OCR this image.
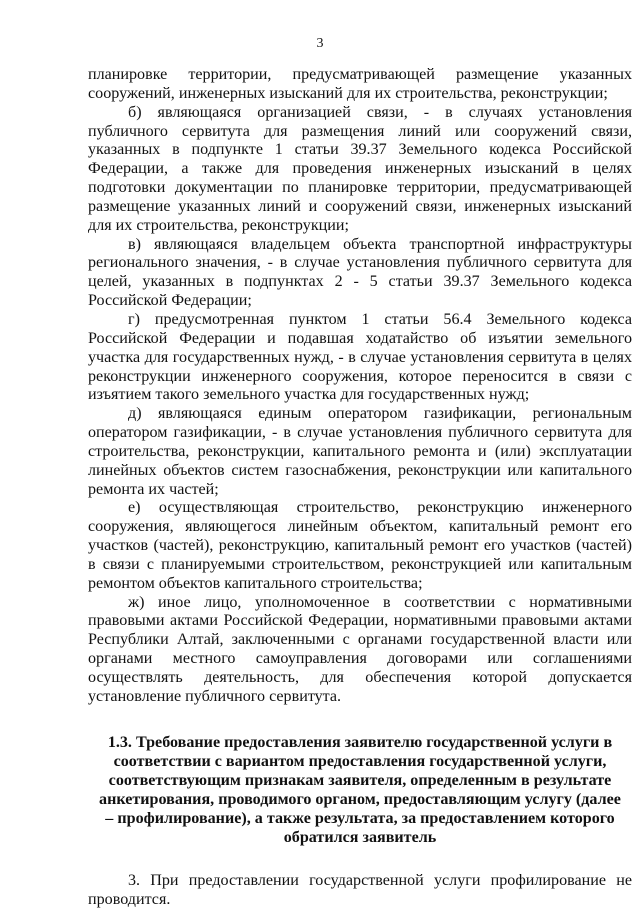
3

планировке территории, предусматривающей размещение указанных сооружений, инженерных изысканий для их строительства, реконструкции;

б) являющаяся организацией связи, - в случаях установления публичного сервитута для размещения линий или сооружений связи, указанных в подпункте 1 статьи 39.37 Земельного кодекса Российской Федерации, а также для проведения инженерных изысканий в целях подготовки документации по планировке территории, предусматривающей размещение указанных линий и сооружений связи, инженерных изысканий для их строительства, реконструкции;

в) являющаяся владельцем объекта транспортной инфраструктуры регионального значения, - в случае установления публичного сервитута для целей, указанных в подпунктах 2 - 5 статьи 39.37 Земельного кодекса Российской Федерации;

г) предусмотренная пунктом 1 статьи 56.4 Земельного кодекса Российской Федерации и подавшая ходатайство об изъятии земельного участка для государственных нужд, - в случае установления сервитута в целях реконструкции инженерного сооружения, которое переносится в связи с изъятием такого земельного участка для государственных нужд;

д) являющаяся единым оператором газификации, региональным оператором газификации, - в случае установления публичного сервитута для строительства, реконструкции, капитального ремонта и (или) эксплуатации линейных объектов систем газоснабжения, реконструкции или капитального ремонта их частей;

е) осуществляющая строительство, реконструкцию инженерного сооружения, являющегося линейным объектом, капитальный ремонт его участков (частей), реконструкцию, капитальный ремонт его участков (частей) в связи с планируемыми строительством, реконструкцией или капитальным ремонтом объектов капитального строительства;

ж) иное лицо, уполномоченное в соответствии с нормативными правовыми актами Российской Федерации, нормативными правовыми актами Республики Алтай, заключенными с органами государственной власти или органами местного самоуправления договорами или соглашениями осуществлять деятельность, для обеспечения которой допускается установление публичного сервитута.

1.3. Требование предоставления заявителю государственной услуги в соответствии с вариантом предоставления государственной услуги, соответствующим признакам заявителя, определенным в результате анкетирования, проводимого органом, предоставляющим услугу (далее – профилирование), а также результата, за предоставлением которого обратился заявитель

3. При предоставлении государственной услуги профилирование не проводится.
